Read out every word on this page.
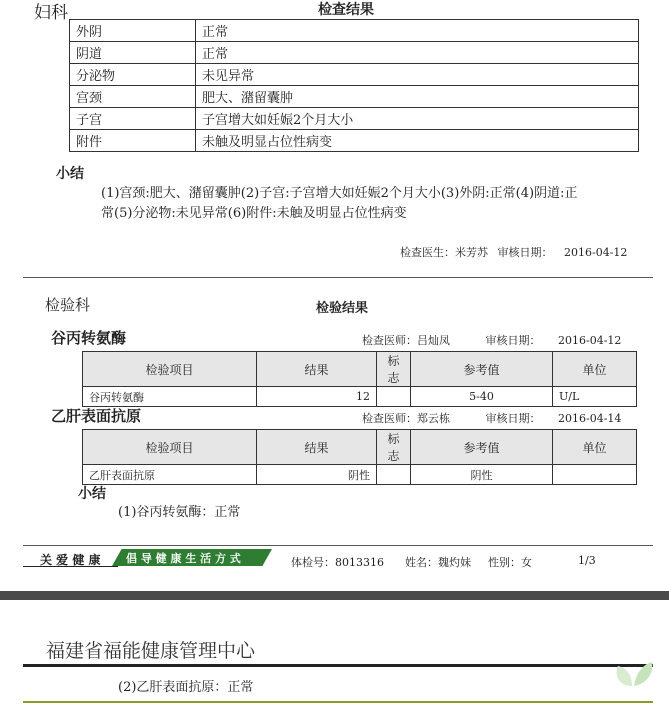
妇科	检查结果
外阴	正常
阴道	正常
分泌物	未见异常
宫颈	肥大、潴留囊肿
子宫	子宫增大如妊娠2个月大小
附件	未触及明显占位性病变
小结
(1)宫颈:肥大、潴留囊肿(2)子宫:子宫增大如妊娠2个月大小(3)外阴:正常(4)阴道:正
常(5)分泌物:未见异常(6)附件:未触及明显占位性病变
检查医生：米芳苏 审核日期： 2016-04-12
检验科	检验结果
谷丙转氨酶	检查医师：吕灿凤	审核日期： 2016-04-12
检验项目	结果	标志	参考值	单位
谷丙转氨酶	12		5-40	U/L
乙肝表面抗原	检查医师：郑云栋	审核日期： 2016-04-14
检验项目	结果	标志	参考值	单位
乙肝表面抗原	阴性		阴性	
小结
(1)谷丙转氨酶：正常
关 爱 健 康 倡 导 健 康 生 活 方 式	体检号：8013316 姓名：魏灼妹 性别：女	1/3
福建省福能健康管理中心
(2)乙肝表面抗原：正常
